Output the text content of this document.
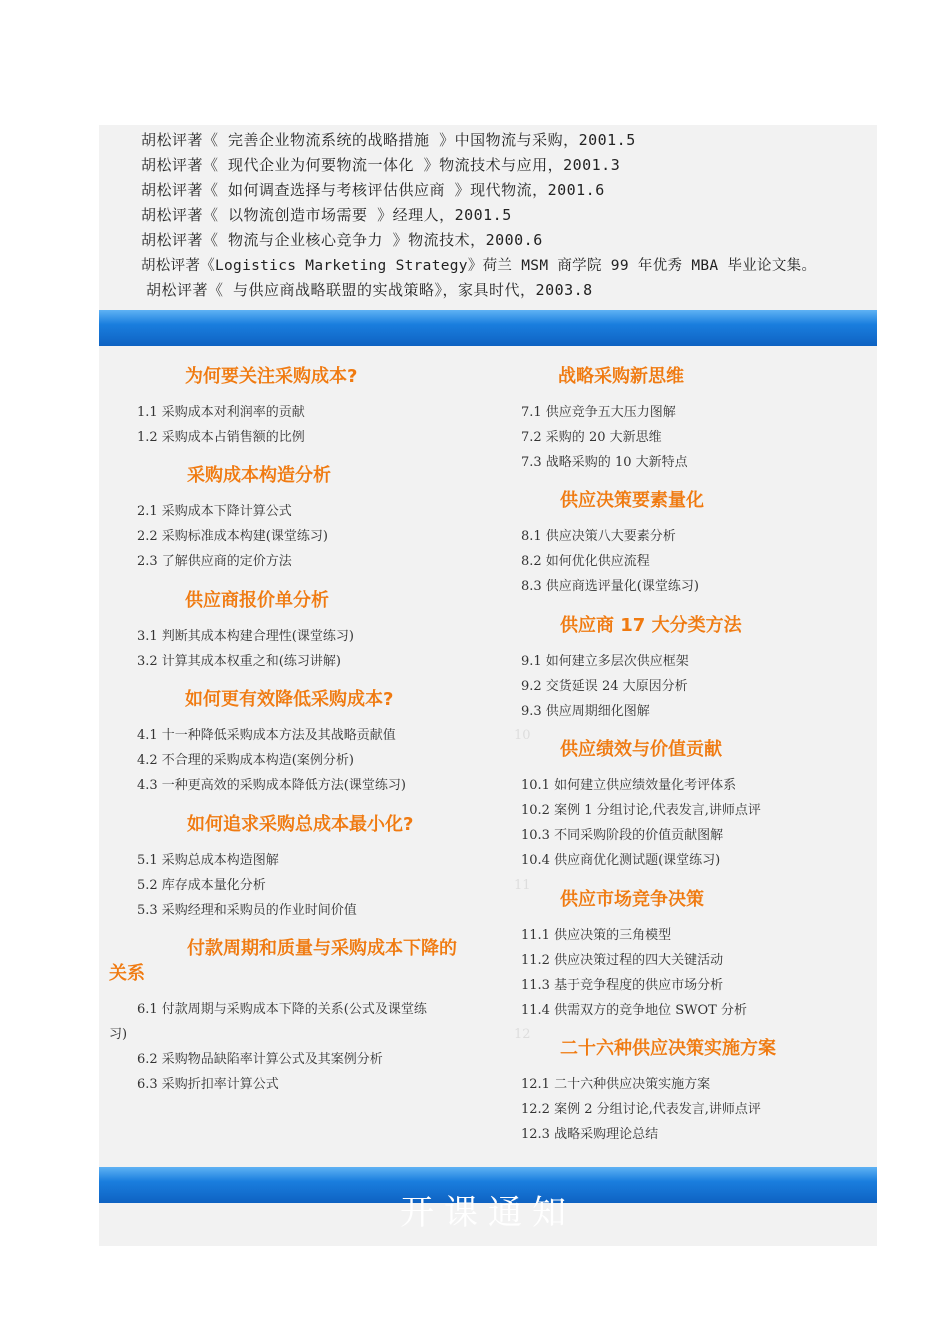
胡松评著《 完善企业物流系统的战略措施 》中国物流与采购，2001.5
胡松评著《 现代企业为何要物流一体化 》物流技术与应用，2001.3
胡松评著《 如何调查选择与考核评估供应商 》现代物流，2001.6
胡松评著《 以物流创造市场需要 》经理人，2001.5
胡松评著《 物流与企业核心竞争力 》物流技术，2000.6
胡松评著《Logistics Marketing Strategy》荷兰 MSM 商学院 99 年优秀 MBA 毕业论文集。
胡松评著《 与供应商战略联盟的实战策略》，家具时代，2003.8
为何要关注采购成本?
1.1 采购成本对利润率的贡献
1.2 采购成本占销售额的比例
采购成本构造分析
2.1 采购成本下降计算公式
2.2 采购标准成本构建(课堂练习)
2.3 了解供应商的定价方法
供应商报价单分析
3.1 判断其成本构建合理性(课堂练习)
3.2 计算其成本权重之和(练习讲解)
如何更有效降低采购成本?
4.1 十一种降低采购成本方法及其战略贡献值
4.2 不合理的采购成本构造(案例分析)
4.3 一种更高效的采购成本降低方法(课堂练习)
如何追求采购总成本最小化?
5.1 采购总成本构造图解
5.2 库存成本量化分析
5.3 采购经理和采购员的作业时间价值
付款周期和质量与采购成本下降的
关系
6.1 付款周期与采购成本下降的关系(公式及课堂练
习)
6.2 采购物品缺陷率计算公式及其案例分析
6.3 采购折扣率计算公式
战略采购新思维
7.1 供应竞争五大压力图解
7.2 采购的 20 大新思维
7.3 战略采购的 10 大新特点
供应决策要素量化
8.1 供应决策八大要素分析
8.2 如何优化供应流程
8.3 供应商选评量化(课堂练习)
供应商 17 大分类方法
9.1 如何建立多层次供应框架
9.2 交货延误 24 大原因分析
9.3 供应周期细化图解
10
供应绩效与价值贡献
10.1 如何建立供应绩效量化考评体系
10.2 案例 1 分组讨论,代表发言,讲师点评
10.3 不同采购阶段的价值贡献图解
10.4 供应商优化测试题(课堂练习)
11
供应市场竞争决策
11.1 供应决策的三角模型
11.2 供应决策过程的四大关键活动
11.3 基于竞争程度的供应市场分析
11.4 供需双方的竞争地位 SWOT 分析
12
二十六种供应决策实施方案
12.1 二十六种供应决策实施方案
12.2 案例 2 分组讨论,代表发言,讲师点评
12.3 战略采购理论总结
开课通知
